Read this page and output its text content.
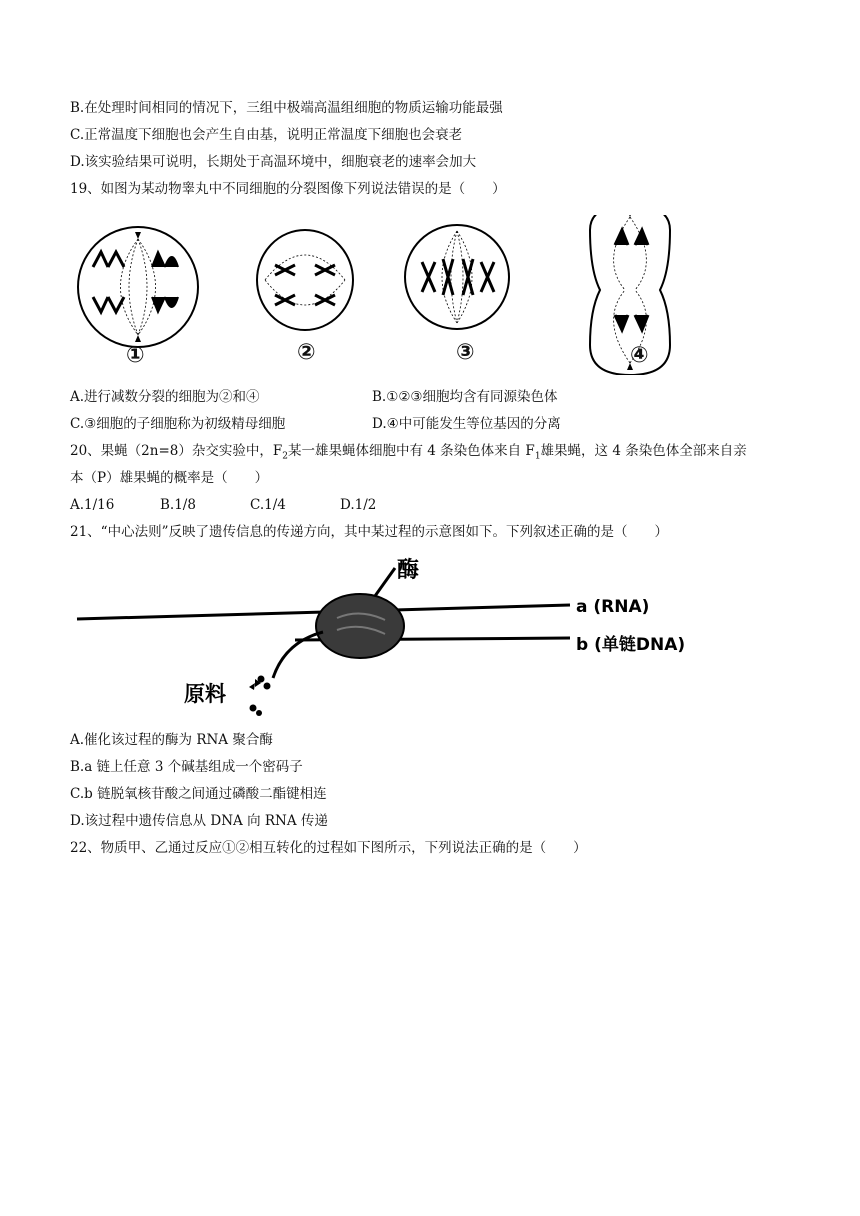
B.在处理时间相同的情况下，三组中极端高温组细胞的物质运输功能最强
C.正常温度下细胞也会产生自由基，说明正常温度下细胞也会衰老
D.该实验结果可说明，长期处于高温环境中，细胞衰老的速率会加大
19、如图为某动物睾丸中不同细胞的分裂图像下列说法错误的是（　　）
①	②	③	④
A.进行减数分裂的细胞为②和④	B.①②③细胞均含有同源染色体
C.③细胞的子细胞称为初级精母细胞	D.④中可能发生等位基因的分离
20、果蝇（2n=8）杂交实验中，$F_2$某一雄果蝇体细胞中有 4 条染色体来自 $F_1$雄果蝇，这 4 条染色体全部来自亲
本（P）雄果蝇的概率是（　　）
A.1/16	B.1/8	C.1/4	D.1/2
21、“中心法则”反映了遗传信息的传递方向，其中某过程的示意图如下。下列叙述正确的是（　　）
酶
a (RNA)
b (单链DNA)
原料
A.催化该过程的酶为 RNA 聚合酶
B.a 链上任意 3 个碱基组成一个密码子
C.b 链脱氧核苷酸之间通过磷酸二酯键相连
D.该过程中遗传信息从 DNA 向 RNA 传递
22、物质甲、乙通过反应①②相互转化的过程如下图所示，下列说法正确的是（　　）
